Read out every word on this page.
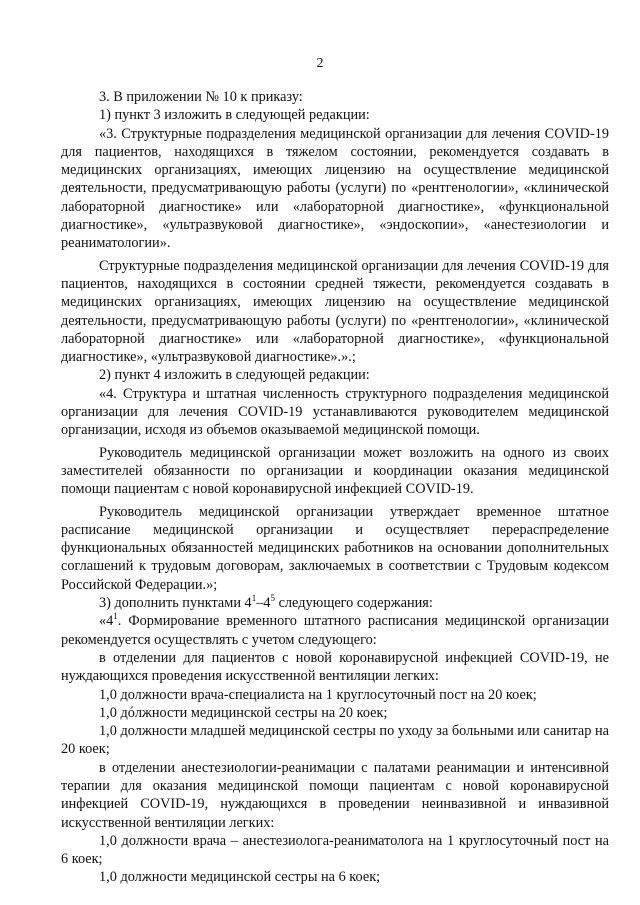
2

3. В приложении № 10 к приказу:

1) пункт 3 изложить в следующей редакции:

«3. Структурные подразделения медицинской организации для лечения COVID-19 для пациентов, находящихся в тяжелом состоянии, рекомендуется создавать в медицинских организациях, имеющих лицензию на осуществление медицинской деятельности, предусматривающую работы (услуги) по «рентгенологии», «клинической лабораторной диагностике» или «лабораторной диагностике», «функциональной диагностике», «ультразвуковой диагностике», «эндоскопии», «анестезиологии и реаниматологии».

Структурные подразделения медицинской организации для лечения COVID-19 для пациентов, находящихся в состоянии средней тяжести, рекомендуется создавать в медицинских организациях, имеющих лицензию на осуществление медицинской деятельности, предусматривающую работы (услуги) по «рентгенологии», «клинической лабораторной диагностике» или «лабораторной диагностике», «функциональной диагностике», «ультразвуковой диагностике».».;

2) пункт 4 изложить в следующей редакции:

«4. Структура и штатная численность структурного подразделения медицинской организации для лечения COVID-19 устанавливаются руководителем медицинской организации, исходя из объемов оказываемой медицинской помощи.

Руководитель медицинской организации может возложить на одного из своих заместителей обязанности по организации и координации оказания медицинской помощи пациентам с новой коронавирусной инфекцией COVID-19.

Руководитель медицинской организации утверждает временное штатное расписание медицинской организации и осуществляет перераспределение функциональных обязанностей медицинских работников на основании дополнительных соглашений к трудовым договорам, заключаемых в соответствии с Трудовым кодексом Российской Федерации.»;

3) дополнить пунктами $4^1-4^5$ следующего содержания:

«$4^1$. Формирование временного штатного расписания медицинской организации рекомендуется осуществлять с учетом следующего:

в отделении для пациентов с новой коронавирусной инфекцией COVID-19, не нуждающихся проведения искусственной вентиляции легких:

1,0 должности врача-специалиста на 1 круглосуточный пост на 20 коек;

1,0 дóлжности медицинской сестры на 20 коек;

1,0 должности младшей медицинской сестры по уходу за больными или санитар на 20 коек;

в отделении анестезиологии-реанимации с палатами реанимации и интенсивной терапии для оказания медицинской помощи пациентам с новой коронавирусной инфекцией COVID-19, нуждающихся в проведении неинвазивной и инвазивной искусственной вентиляции легких:

1,0 должности врача – анестезиолога-реаниматолога на 1 круглосуточный пост на 6 коек;

1,0 должности медицинской сестры на 6 коек;
